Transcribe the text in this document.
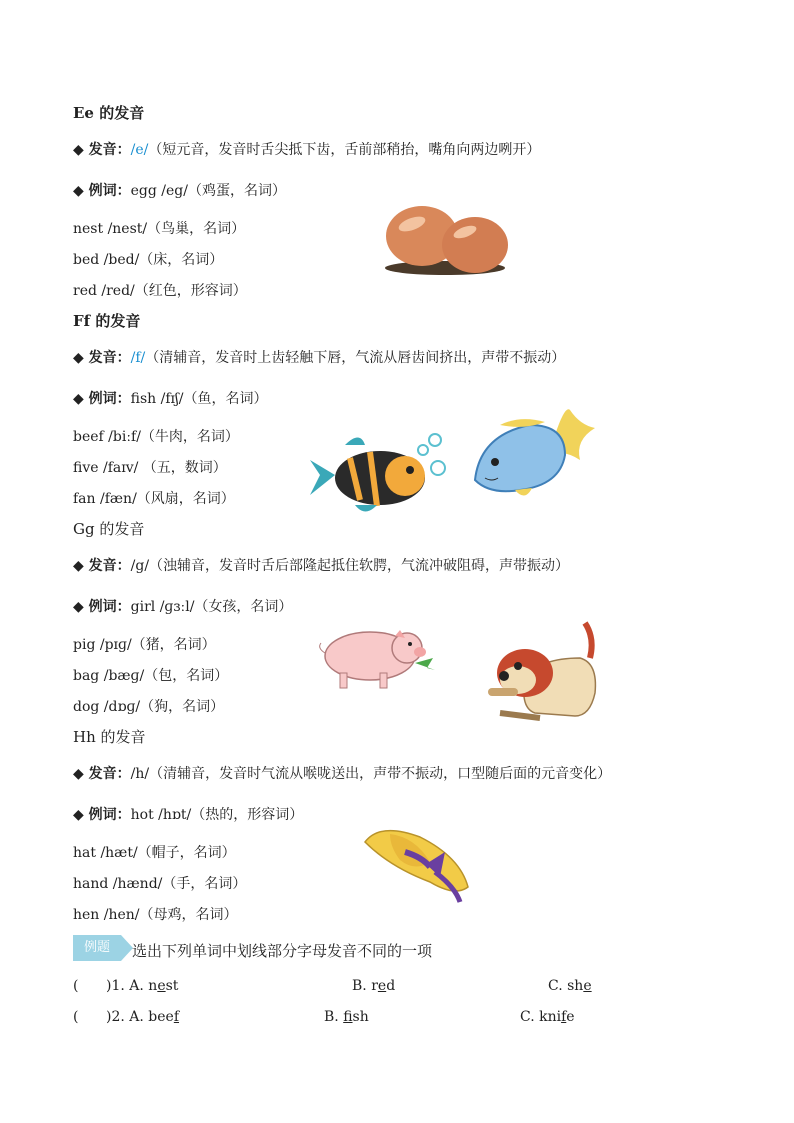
Ee 的发音
◆ 发音：/e/（短元音，发音时舌尖抵下齿，舌前部稍抬，嘴角向两边咧开）
◆ 例词：egg /eg/（鸡蛋，名词）
nest /nest/（鸟巢，名词）
bed /bed/（床，名词）
red /red/（红色，形容词）
Ff 的发音
◆ 发音：/f/（清辅音，发音时上齿轻触下唇，气流从唇齿间挤出，声带不振动）
◆ 例词：fish /fɪʃ/（鱼，名词）
beef /biːf/（牛肉，名词）
five /faɪv/ （五，数词）
fan /fæn/（风扇，名词）
Gg 的发音
◆ 发音：/g/（浊辅音，发音时舌后部隆起抵住软腭，气流冲破阻碍，声带振动）
◆ 例词：girl /ɡɜːl/（女孩，名词）
pig /pɪɡ/（猪，名词）
bag /bæɡ/（包，名词）
dog /dɒɡ/（狗，名词）
Hh 的发音
◆ 发音：/h/（清辅音，发音时气流从喉咙送出，声带不振动，口型随后面的元音变化）
◆ 例词：hot /hɒt/（热的，形容词）
hat /hæt/（帽子，名词）
hand /hænd/（手，名词）
hen /hen/（母鸡，名词）
例题	选出下列单词中划线部分字母发音不同的一项
( )1. A. nest	B. red	C. she
( )2. A. beef	B. fish	C. knife
